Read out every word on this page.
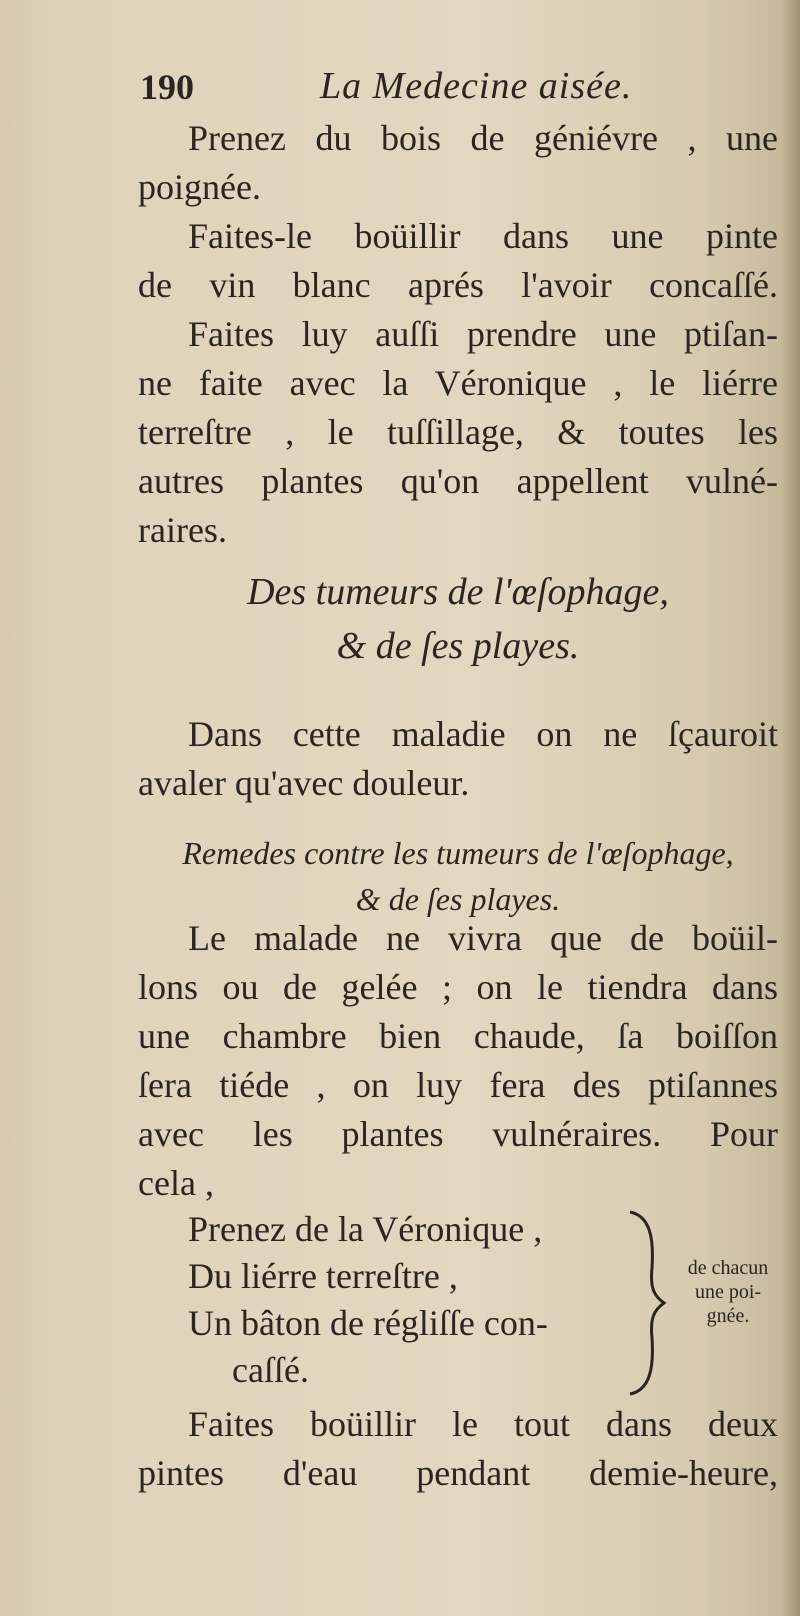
190	La Medecine aisée.
Prenez du bois de géniévre , une
poignée.
Faites-le boüillir dans une pinte
de vin blanc aprés l'avoir concaſſé.
Faites luy auſſi prendre une ptiſan-
ne faite avec la Véronique , le liérre
terreſtre , le tuſſillage, & toutes les
autres plantes qu'on appellent vulné-
raires.
Des tumeurs de l'œſophage,
& de ſes playes.
Dans cette maladie on ne ſçauroit
avaler qu'avec douleur.
Remedes contre les tumeurs de l'œſophage,
& de ſes playes.
Le malade ne vivra que de boüil-
lons ou de gelée ; on le tiendra dans
une chambre bien chaude, ſa boiſſon
ſera tiéde , on luy fera des ptiſannes
avec les plantes vulnéraires. Pour
cela ,
Prenez de la Véronique ,
Du liérre terreſtre ,
Un bâton de régliſſe con-
caſſé.
de chacun
une poi-
gnée.
Faites boüillir le tout dans deux
pintes d'eau pendant demie-heure,
